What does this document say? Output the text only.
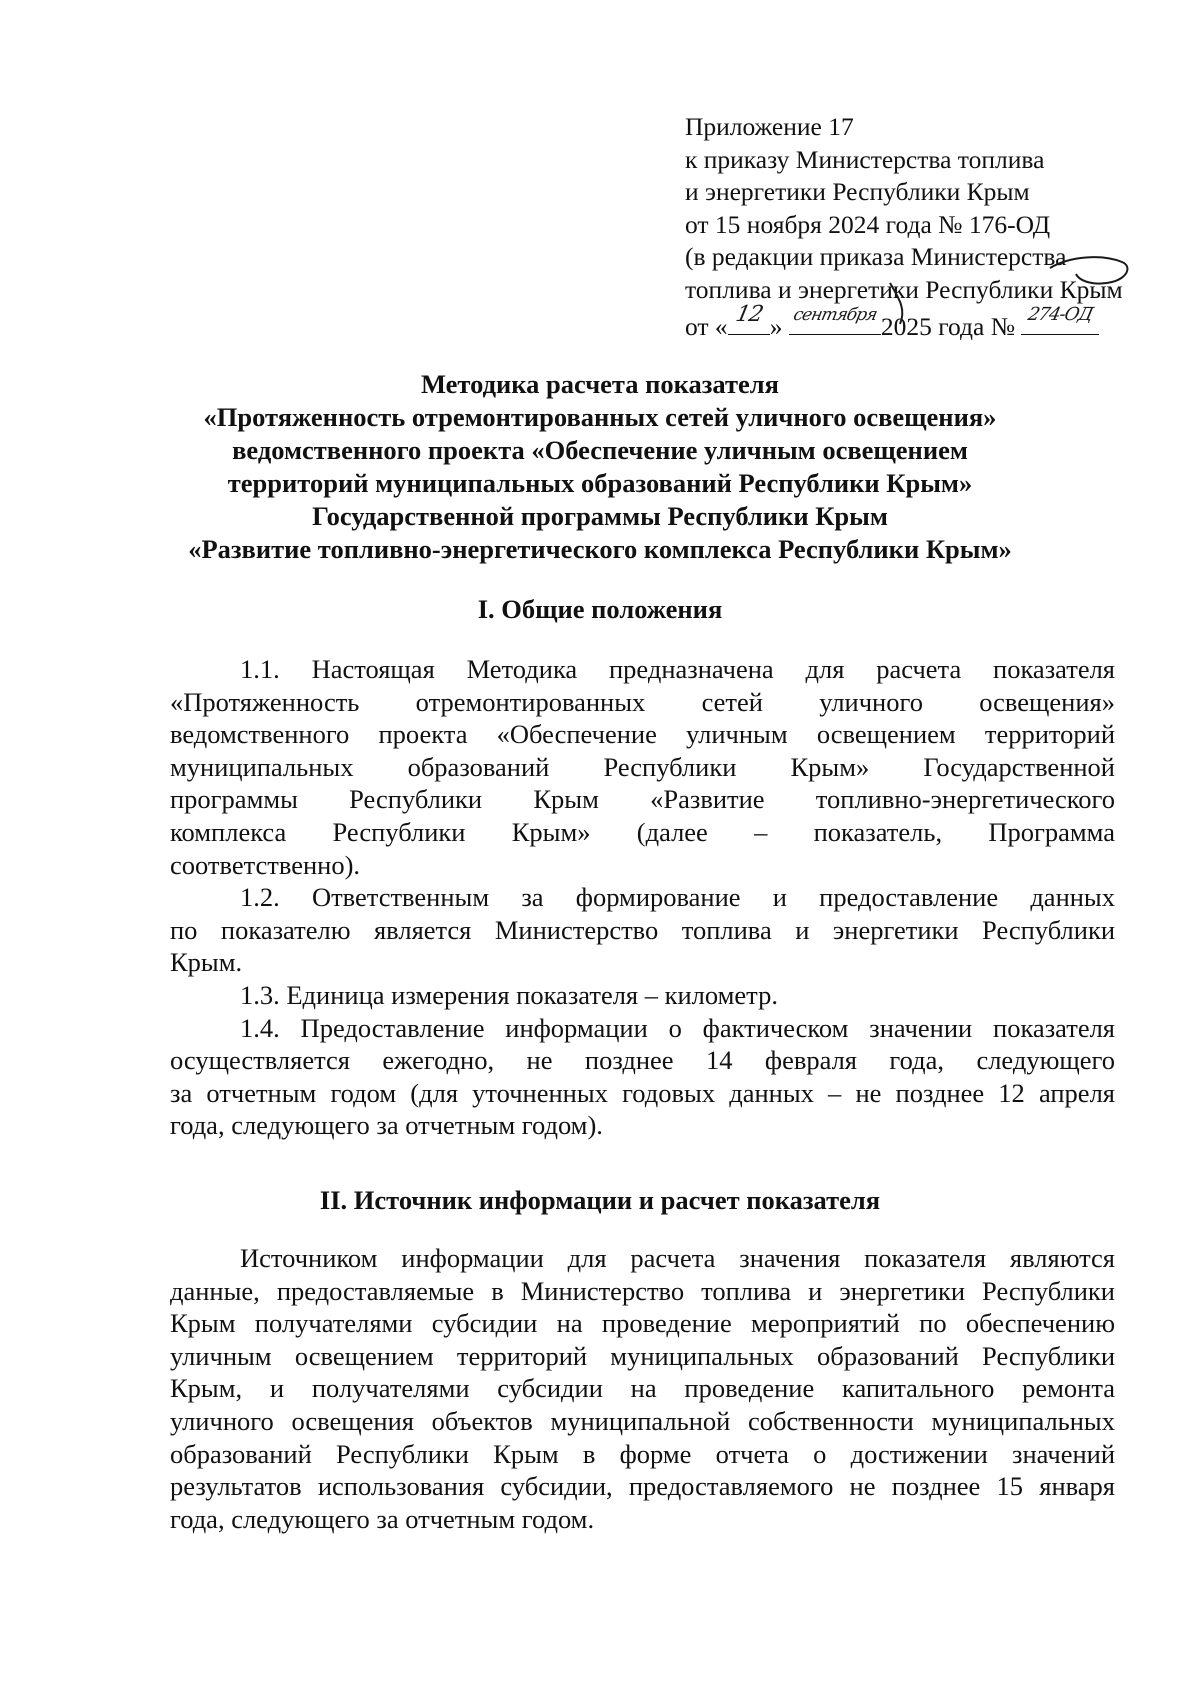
Приложение 17
к приказу Министерства топлива
и энергетики Республики Крым
от 15 ноября 2024 года № 176-ОД
(в редакции приказа Министерства
топлива и энергетики Республики Крым
от « 12 » сентября 2025 года № 274-ОД
Методика расчета показателя
«Протяженность отремонтированных сетей уличного освещения»
ведомственного проекта «Обеспечение уличным освещением
территорий муниципальных образований Республики Крым»
Государственной программы Республики Крым
«Развитие топливно-энергетического комплекса Республики Крым»
I. Общие положения
1.1. Настоящая Методика предназначена для расчета показателя
«Протяженность отремонтированных сетей уличного освещения»
ведомственного проекта «Обеспечение уличным освещением территорий
муниципальных образований Республики Крым» Государственной
программы Республики Крым «Развитие топливно-энергетического
комплекса Республики Крым» (далее – показатель, Программа
соответственно).
1.2. Ответственным за формирование и предоставление данных
по показателю является Министерство топлива и энергетики Республики
Крым.
1.3. Единица измерения показателя – километр.
1.4. Предоставление информации о фактическом значении показателя
осуществляется ежегодно, не позднее 14 февраля года, следующего
за отчетным годом (для уточненных годовых данных – не позднее 12 апреля
года, следующего за отчетным годом).
II. Источник информации и расчет показателя
Источником информации для расчета значения показателя являются
данные, предоставляемые в Министерство топлива и энергетики Республики
Крым получателями субсидии на проведение мероприятий по обеспечению
уличным освещением территорий муниципальных образований Республики
Крым, и получателями субсидии на проведение капитального ремонта
уличного освещения объектов муниципальной собственности муниципальных
образований Республики Крым в форме отчета о достижении значений
результатов использования субсидии, предоставляемого не позднее 15 января
года, следующего за отчетным годом.
